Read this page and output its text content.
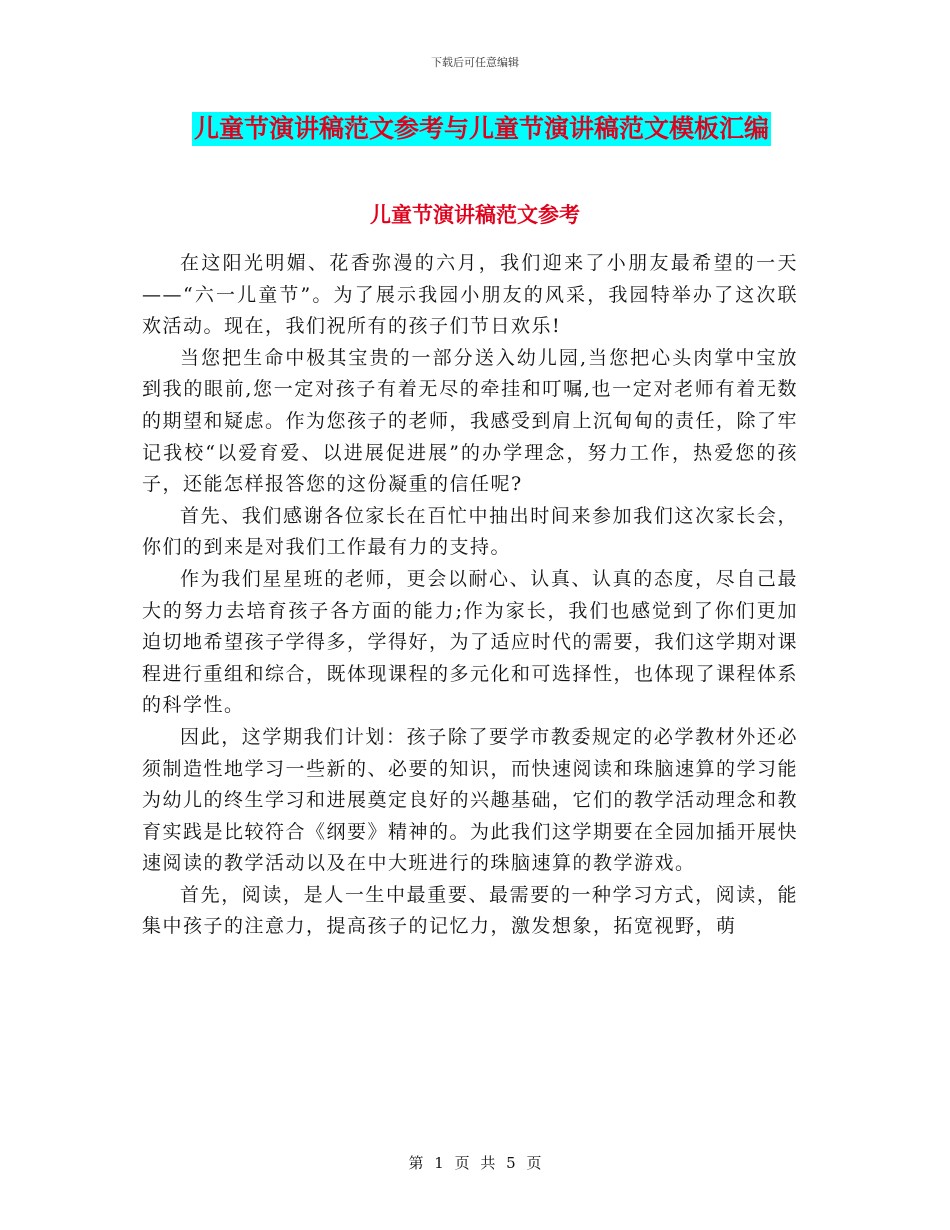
下载后可任意编辑
儿童节演讲稿范文参考与儿童节演讲稿范文模板汇编
儿童节演讲稿范文参考

在这阳光明媚、花香弥漫的六月，我们迎来了小朋友最希望的一天——“六一儿童节”。为了展示我园小朋友的风采，我园特举办了这次联欢活动。现在，我们祝所有的孩子们节日欢乐!

当您把生命中极其宝贵的一部分送入幼儿园,当您把心头肉掌中宝放到我的眼前,您一定对孩子有着无尽的牵挂和叮嘱,也一定对老师有着无数的期望和疑虑。作为您孩子的老师，我感受到肩上沉甸甸的责任，除了牢记我校“以爱育爱、以进展促进展”的办学理念，努力工作，热爱您的孩子，还能怎样报答您的这份凝重的信任呢?

首先、我们感谢各位家长在百忙中抽出时间来参加我们这次家长会，你们的到来是对我们工作最有力的支持。

作为我们星星班的老师，更会以耐心、认真、认真的态度，尽自己最大的努力去培育孩子各方面的能力;作为家长，我们也感觉到了你们更加迫切地希望孩子学得多，学得好，为了适应时代的需要，我们这学期对课程进行重组和综合，既体现课程的多元化和可选择性，也体现了课程体系的科学性。

因此，这学期我们计划：孩子除了要学市教委规定的必学教材外还必须制造性地学习一些新的、必要的知识，而快速阅读和珠脑速算的学习能为幼儿的终生学习和进展奠定良好的兴趣基础，它们的教学活动理念和教育实践是比较符合《纲要》精神的。为此我们这学期要在全园加插开展快速阅读的教学活动以及在中大班进行的珠脑速算的教学游戏。

首先，阅读，是人一生中最重要、最需要的一种学习方式，阅读，能集中孩子的注意力，提高孩子的记忆力，激发想象，拓宽视野，萌

第 1 页 共 5 页
